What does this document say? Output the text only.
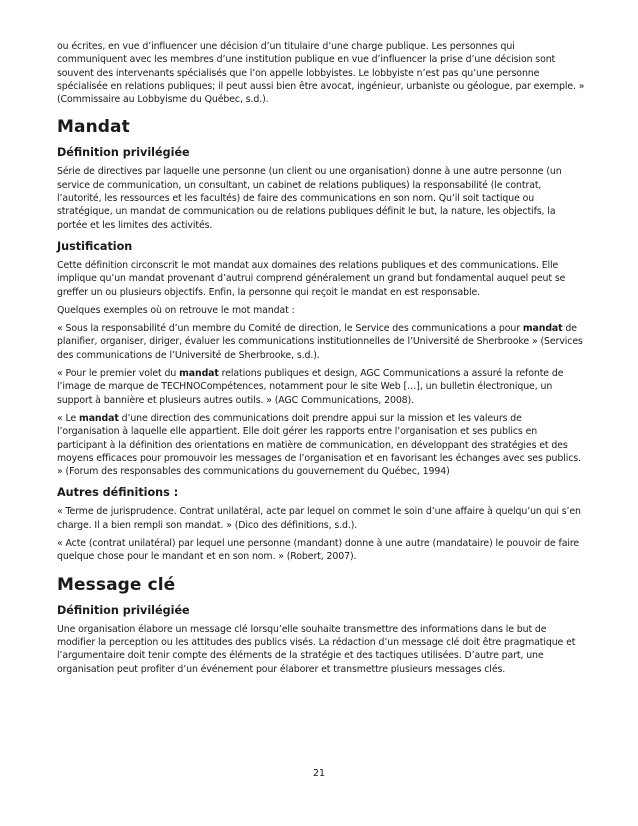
ou écrites, en vue d’influencer une décision d’un titulaire d’une charge publique. Les personnes qui communiquent avec les membres d’une institution publique en vue d’influencer la prise d’une décision sont souvent des intervenants spécialisés que l’on appelle lobbyistes. Le lobbyiste n’est pas qu’une personne spécialisée en relations publiques; il peut aussi bien être avocat, ingénieur, urbaniste ou géologue, par exemple. » (Commissaire au Lobbyisme du Québec, s.d.).

Mandat
Définition privilégiée

Série de directives par laquelle une personne (un client ou une organisation) donne à une autre personne (un service de communication, un consultant, un cabinet de relations publiques) la responsabilité (le contrat, l’autorité, les ressources et les facultés) de faire des communications en son nom. Qu’il soit tactique ou stratégique, un mandat de communication ou de relations publiques définit le but, la nature, les objectifs, la portée et les limites des activités.

Justification

Cette définition circonscrit le mot mandat aux domaines des relations publiques et des communications. Elle implique qu’un mandat provenant d’autrui comprend généralement un grand but fondamental auquel peut se greffer un ou plusieurs objectifs. Enfin, la personne qui reçoit le mandat en est responsable.

Quelques exemples où on retrouve le mot mandat :

« Sous la responsabilité d’un membre du Comité de direction, le Service des communications a pour mandat de planifier, organiser, diriger, évaluer les communications institutionnelles de l’Université de Sherbrooke » (Services des communications de l’Université de Sherbrooke, s.d.).

« Pour le premier volet du mandat relations publiques et design, AGC Communications a assuré la refonte de l’image de marque de TECHNOCompétences, notamment pour le site Web […], un bulletin électronique, un support à bannière et plusieurs autres outils. » (AGC Communications, 2008).

« Le mandat d’une direction des communications doit prendre appui sur la mission et les valeurs de l’organisation à laquelle elle appartient. Elle doit gérer les rapports entre l’organisation et ses publics en participant à la définition des orientations en matière de communication, en développant des stratégies et des moyens efficaces pour promouvoir les messages de l’organisation et en favorisant les échanges avec ses publics. » (Forum des responsables des communications du gouvernement du Québec, 1994)

Autres définitions :

« Terme de jurisprudence. Contrat unilatéral, acte par lequel on commet le soin d’une affaire à quelqu’un qui s’en charge. Il a bien rempli son mandat. » (Dico des définitions, s.d.).

« Acte (contrat unilatéral) par lequel une personne (mandant) donne à une autre (mandataire) le pouvoir de faire quelque chose pour le mandant et en son nom. » (Robert, 2007).

Message clé
Définition privilégiée

Une organisation élabore un message clé lorsqu’elle souhaite transmettre des informations dans le but de modifier la perception ou les attitudes des publics visés. La rédaction d’un message clé doit être pragmatique et l’argumentaire doit tenir compte des éléments de la stratégie et des tactiques utilisées. D’autre part, une organisation peut profiter d’un événement pour élaborer et transmettre plusieurs messages clés.

21
